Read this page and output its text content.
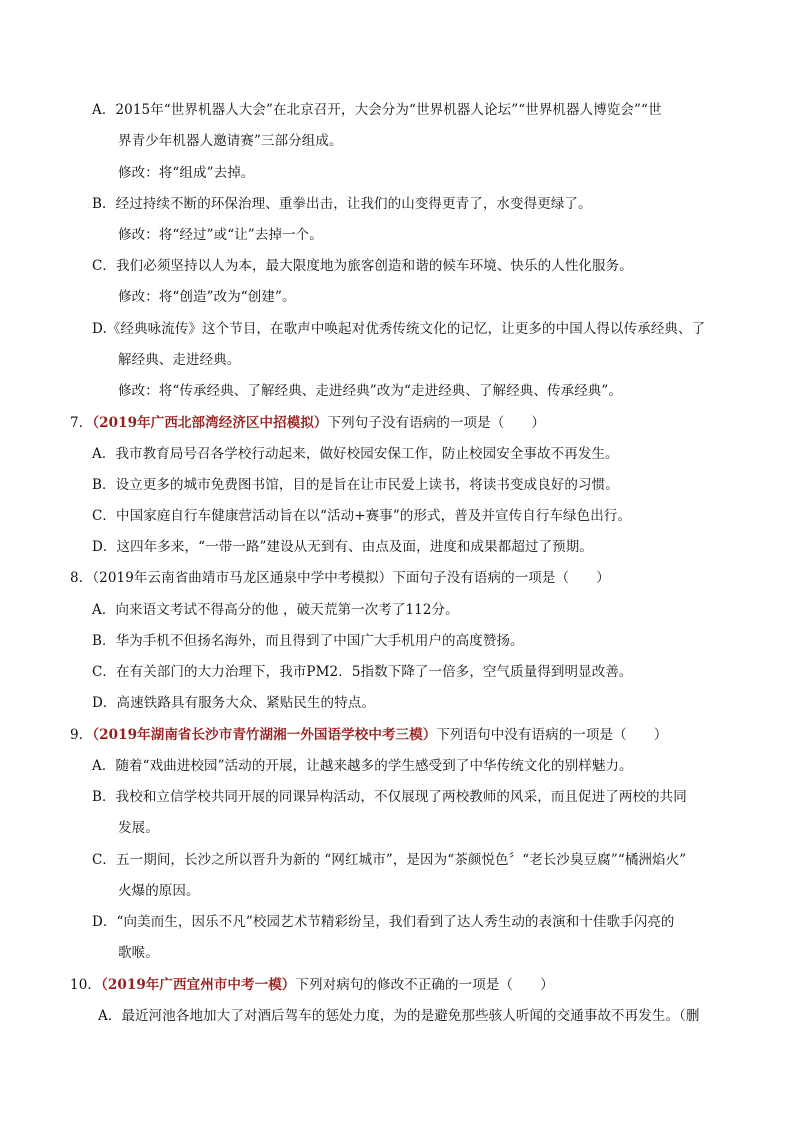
A．2015年“世界机器人大会”在北京召开，大会分为“世界机器人论坛”“世界机器人博览会”“世
界青少年机器人邀请赛”三部分组成。
修改：将“组成”去掉。
B．经过持续不断的环保治理、重拳出击，让我们的山变得更青了，水变得更绿了。
修改：将“经过”或“让”去掉一个。
C．我们必须坚持以人为本，最大限度地为旅客创造和谐的候车环境、快乐的人性化服务。
修改：将“创造”改为“创建”。
D.《经典咏流传》这个节目，在歌声中唤起对优秀传统文化的记忆，让更多的中国人得以传承经典、了
解经典、走进经典。
修改：将“传承经典、了解经典、走进经典”改为“走进经典、了解经典、传承经典”。
7．（2019年广西北部湾经济区中招模拟）下列句子没有语病的一项是（　　）
A．我市教育局号召各学校行动起来，做好校园安保工作，防止校园安全事故不再发生。
B．设立更多的城市免费图书馆，目的是旨在让市民爱上读书，将读书变成良好的习惯。
C．中国家庭自行车健康营活动旨在以“活动+赛事”的形式，普及并宣传自行车绿色出行。
D．这四年多来，“一带一路”建设从无到有、由点及面，进度和成果都超过了预期。
8．（2019年云南省曲靖市马龙区通泉中学中考模拟）下面句子没有语病的一项是（　　）
A．向来语文考试不得高分的他 ，破天荒第一次考了112分。
B．华为手机不但扬名海外，而且得到了中国广大手机用户的高度赞扬。
C．在有关部门的大力治理下，我市PM2．5指数下降了一倍多，空气质量得到明显改善。
D．高速铁路具有服务大众、紧贴民生的特点。
9．（2019年湖南省长沙市青竹湖湘一外国语学校中考三模）下列语句中没有语病的一项是（　　）
A．随着“戏曲进校园”活动的开展，让越来越多的学生感受到了中华传统文化的别样魅力。
B．我校和立信学校共同开展的同课异构活动，不仅展现了两校教师的风采，而且促进了两校的共同
发展。
C．五一期间，长沙之所以晋升为新的 “网红城市”，是因为“茶颜悦色〞“老长沙臭豆腐”“橘洲焰火”
火爆的原因。
D．“向美而生，因乐不凡”校园艺术节精彩纷呈，我们看到了达人秀生动的表演和十佳歌手闪亮的
歌喉。
10．（2019年广西宜州市中考一模）下列对病句的修改不正确的一项是（　　）
A．最近河池各地加大了对酒后驾车的惩处力度，为的是避免那些骇人听闻的交通事故不再发生。（删
